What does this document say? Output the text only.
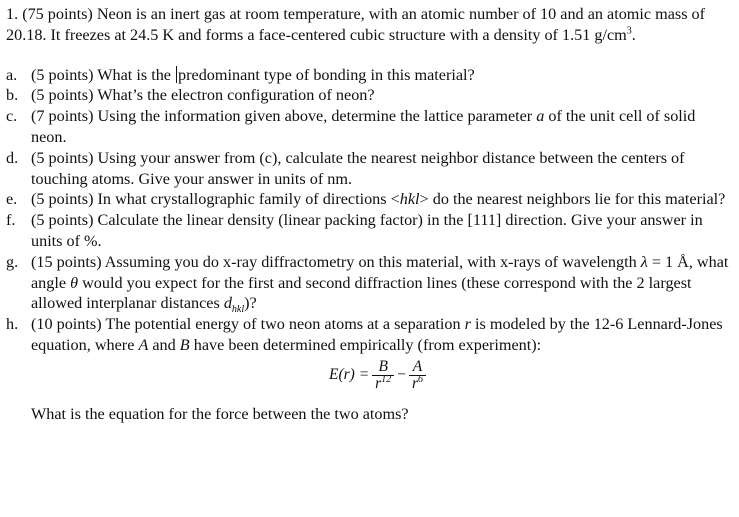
1. (75 points) Neon is an inert gas at room temperature, with an atomic number of 10 and an atomic mass of 20.18. It freezes at 24.5 K and forms a face-centered cubic structure with a density of 1.51 $g/cm^3$.

a. (5 points) What is the predominant type of bonding in this material?
b. (5 points) What’s the electron configuration of neon?
c. (7 points) Using the information given above, determine the lattice parameter a of the unit cell of solid neon.
d. (5 points) Using your answer from (c), calculate the nearest neighbor distance between the centers of touching atoms. Give your answer in units of nm.
e. (5 points) In what crystallographic family of directions <hkl> do the nearest neighbors lie for this material?
f. (5 points) Calculate the linear density (linear packing factor) in the [111] direction. Give your answer in units of %.
g. (15 points) Assuming you do x-ray diffractometry on this material, with x-rays of wavelength λ = 1 Å, what angle θ would you expect for the first and second diffraction lines (these correspond with the 2 largest allowed interplanar distances $d_{hkl}$)?
h. (10 points) The potential energy of two neon atoms at a separation r is modeled by the 12-6 Lennard-Jones equation, where A and B have been determined empirically (from experiment):
$E(r) = \frac{B}{r^{12}} - \frac{A}{r^6}$
What is the equation for the force between the two atoms?
